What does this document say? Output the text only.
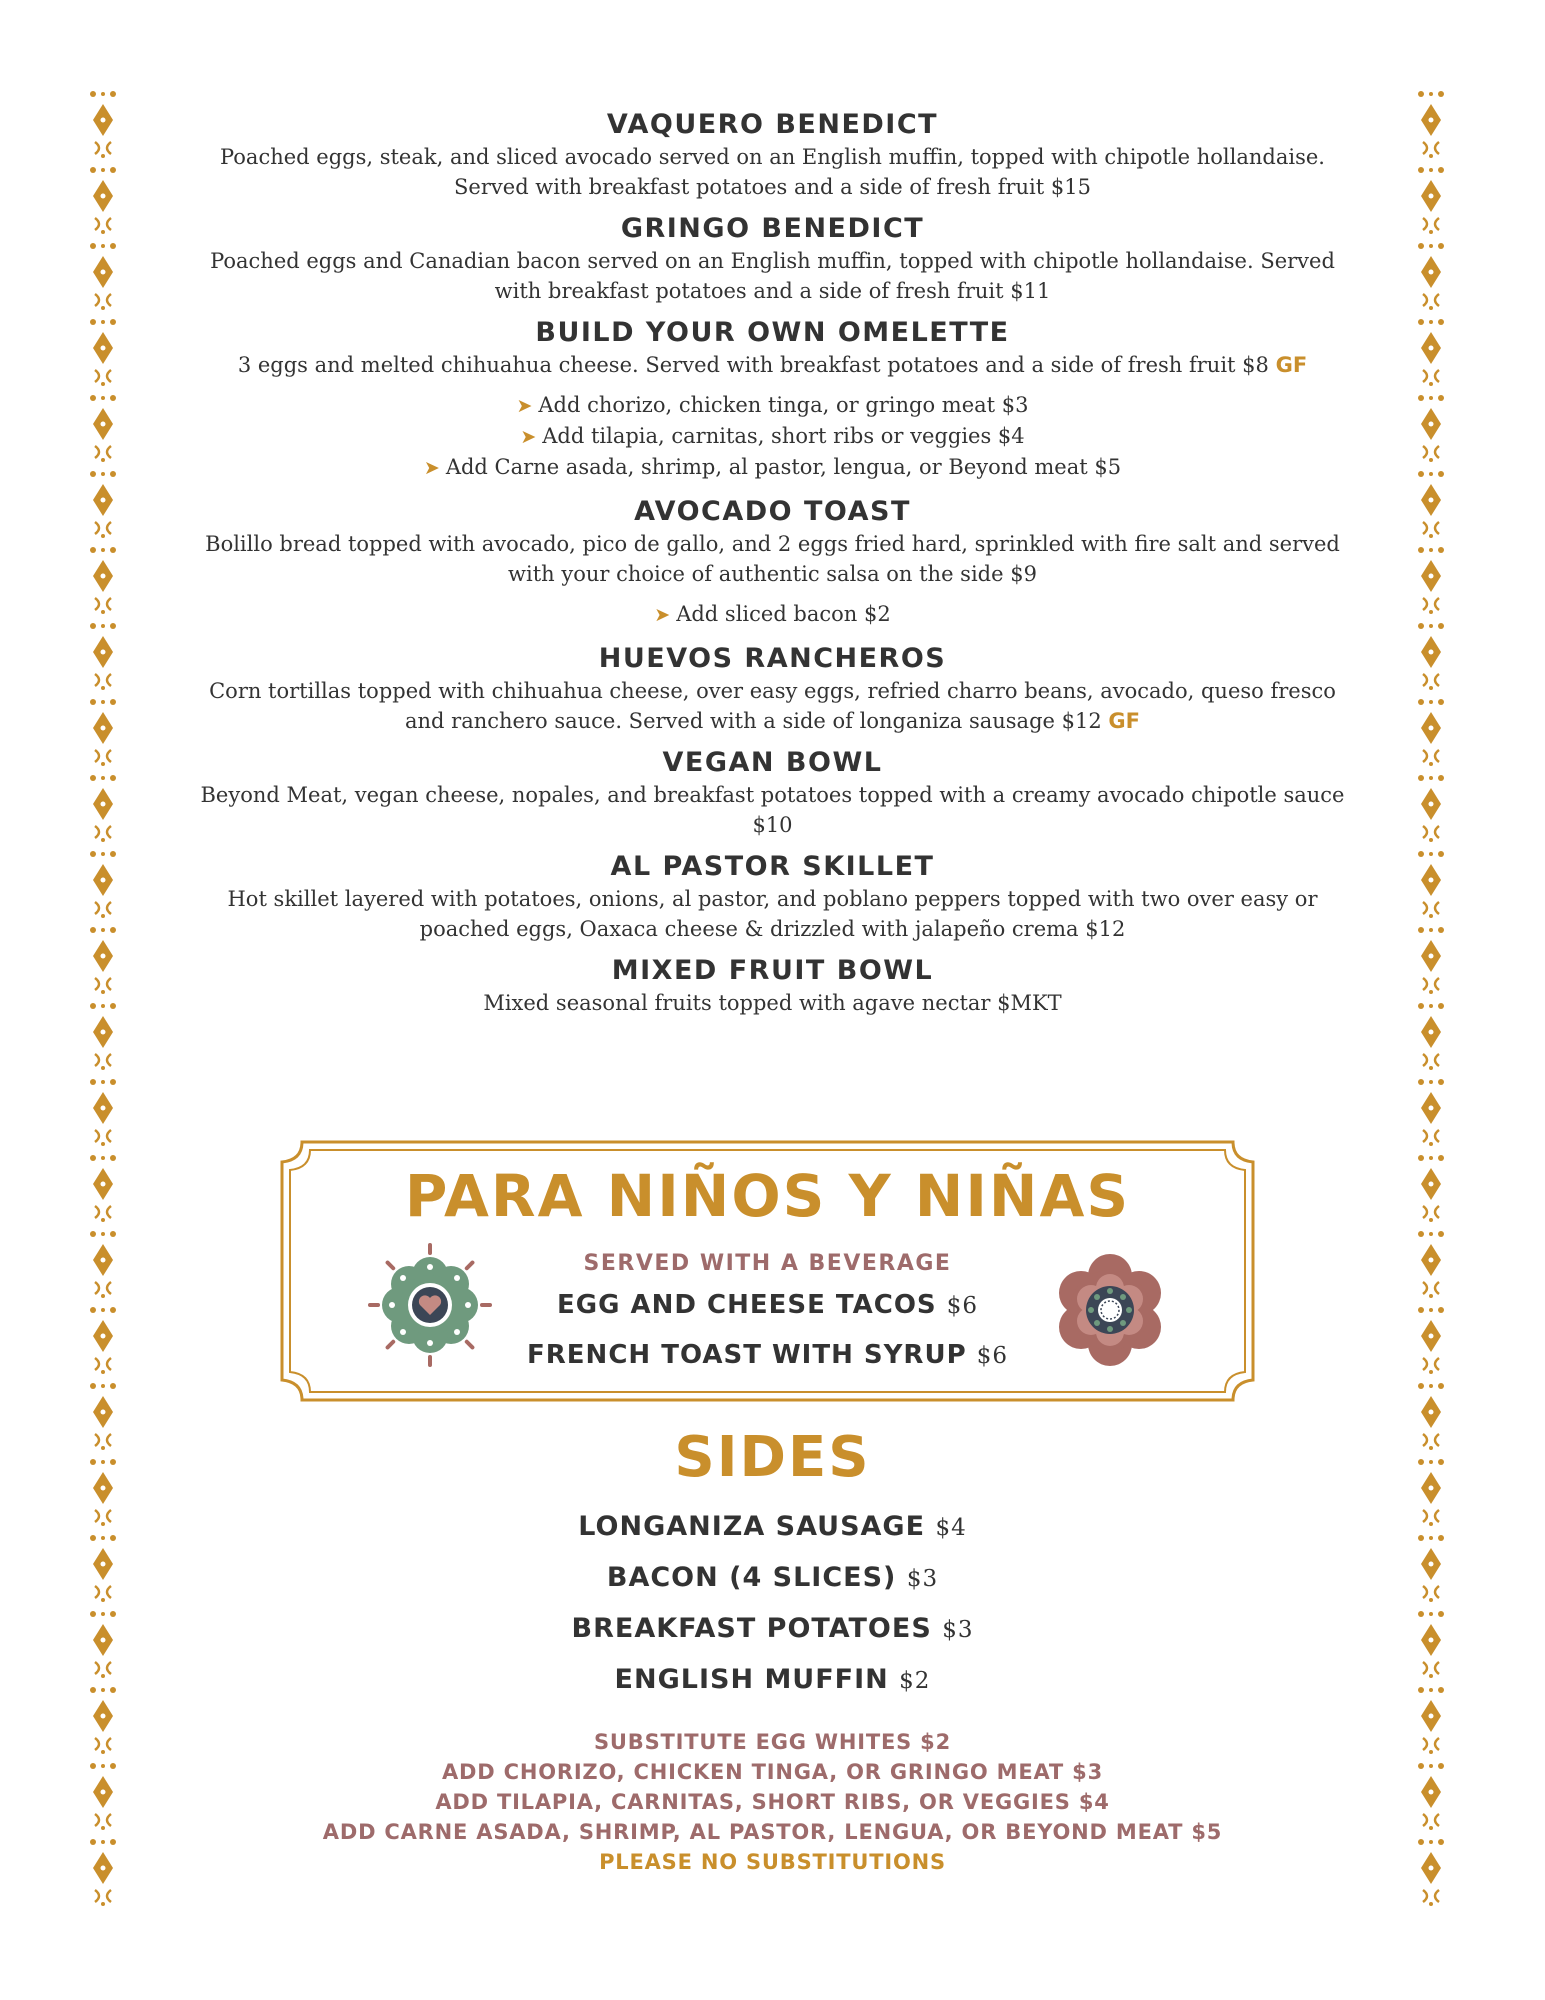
VAQUERO BENEDICT
Poached eggs, steak, and sliced avocado served on an English muffin, topped with chipotle hollandaise. Served with breakfast potatoes and a side of fresh fruit $15
GRINGO BENEDICT
Poached eggs and Canadian bacon served on an English muffin, topped with chipotle hollandaise. Served with breakfast potatoes and a side of fresh fruit $11
BUILD YOUR OWN OMELETTE
3 eggs and melted chihuahua cheese. Served with breakfast potatoes and a side of fresh fruit $8 GF
➤ Add chorizo, chicken tinga, or gringo meat $3
➤ Add tilapia, carnitas, short ribs or veggies $4
➤ Add Carne asada, shrimp, al pastor, lengua, or Beyond meat $5
AVOCADO TOAST
Bolillo bread topped with avocado, pico de gallo, and 2 eggs fried hard, sprinkled with fire salt and served with your choice of authentic salsa on the side $9
➤ Add sliced bacon $2
HUEVOS RANCHEROS
Corn tortillas topped with chihuahua cheese, over easy eggs, refried charro beans, avocado, queso fresco and ranchero sauce. Served with a side of longaniza sausage $12 GF
VEGAN BOWL
Beyond Meat, vegan cheese, nopales, and breakfast potatoes topped with a creamy avocado chipotle sauce $10
AL PASTOR SKILLET
Hot skillet layered with potatoes, onions, al pastor, and poblano peppers topped with two over easy or poached eggs, Oaxaca cheese & drizzled with jalapeño crema $12
MIXED FRUIT BOWL
Mixed seasonal fruits topped with agave nectar $MKT
PARA NIÑOS Y NIÑAS
SERVED WITH A BEVERAGE
EGG AND CHEESE TACOS $6
FRENCH TOAST WITH SYRUP $6
SIDES
LONGANIZA SAUSAGE $4
BACON (4 SLICES) $3
BREAKFAST POTATOES $3
ENGLISH MUFFIN $2
SUBSTITUTE EGG WHITES $2
ADD CHORIZO, CHICKEN TINGA, OR GRINGO MEAT $3
ADD TILAPIA, CARNITAS, SHORT RIBS, OR VEGGIES $4
ADD CARNE ASADA, SHRIMP, AL PASTOR, LENGUA, OR BEYOND MEAT $5
PLEASE NO SUBSTITUTIONS
